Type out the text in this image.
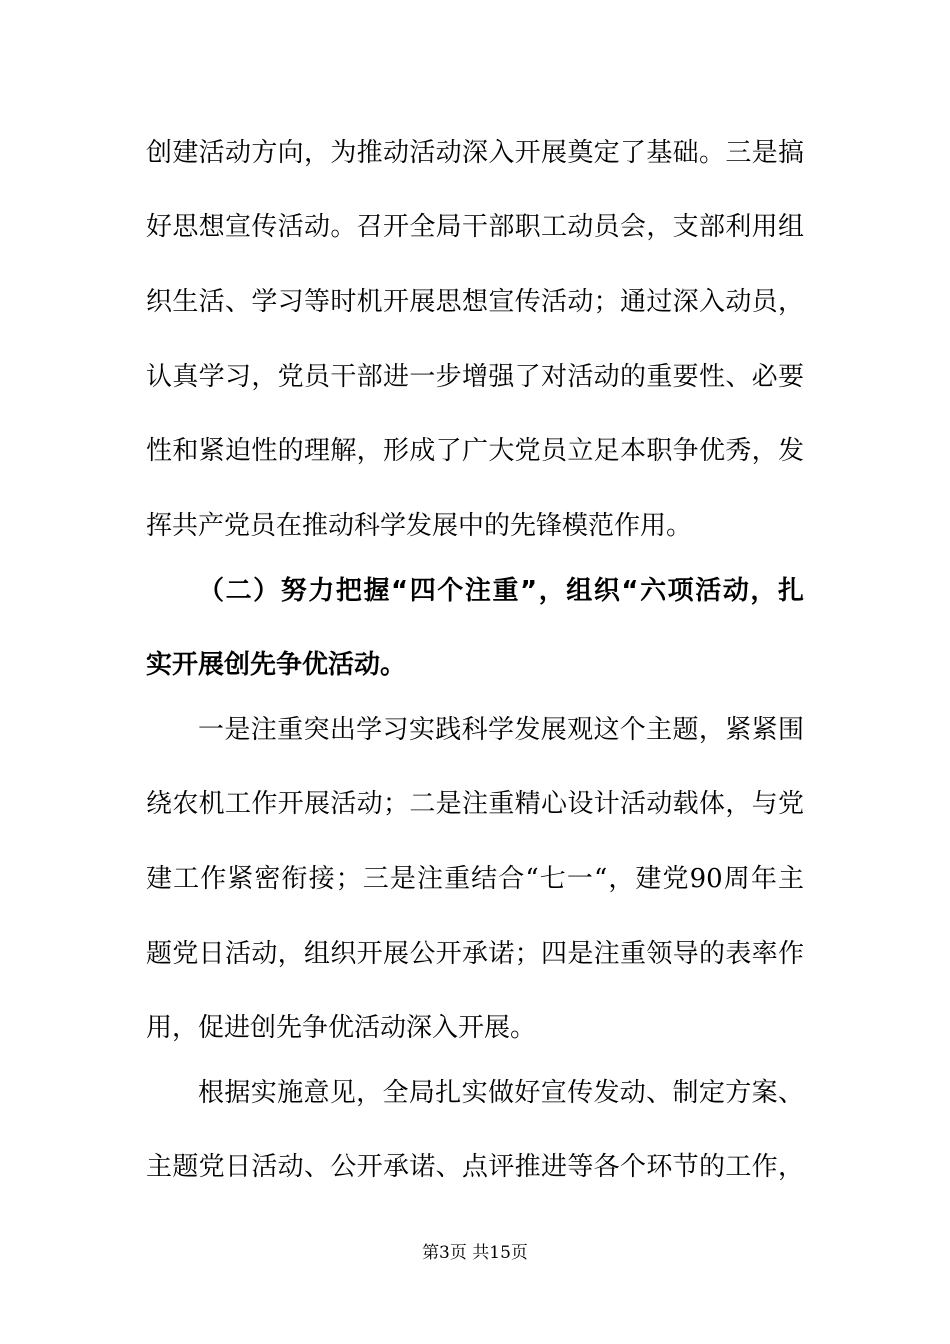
创建活动方向，为推动活动深入开展奠定了基础。三是搞
好思想宣传活动。召开全局干部职工动员会，支部利用组
织生活、学习等时机开展思想宣传活动；通过深入动员，
认真学习，党员干部进一步增强了对活动的重要性、必要
性和紧迫性的理解，形成了广大党员立足本职争优秀，发
挥共产党员在推动科学发展中的先锋模范作用。
（二）努力把握“四个注重”，组织“六项活动，扎
实开展创先争优活动。
一是注重突出学习实践科学发展观这个主题，紧紧围
绕农机工作开展活动；二是注重精心设计活动载体，与党
建工作紧密衔接；三是注重结合“七一“，建党90周年主
题党日活动，组织开展公开承诺；四是注重领导的表率作
用，促进创先争优活动深入开展。
根据实施意见，全局扎实做好宣传发动、制定方案、
主题党日活动、公开承诺、点评推进等各个环节的工作，
第3页 共15页
